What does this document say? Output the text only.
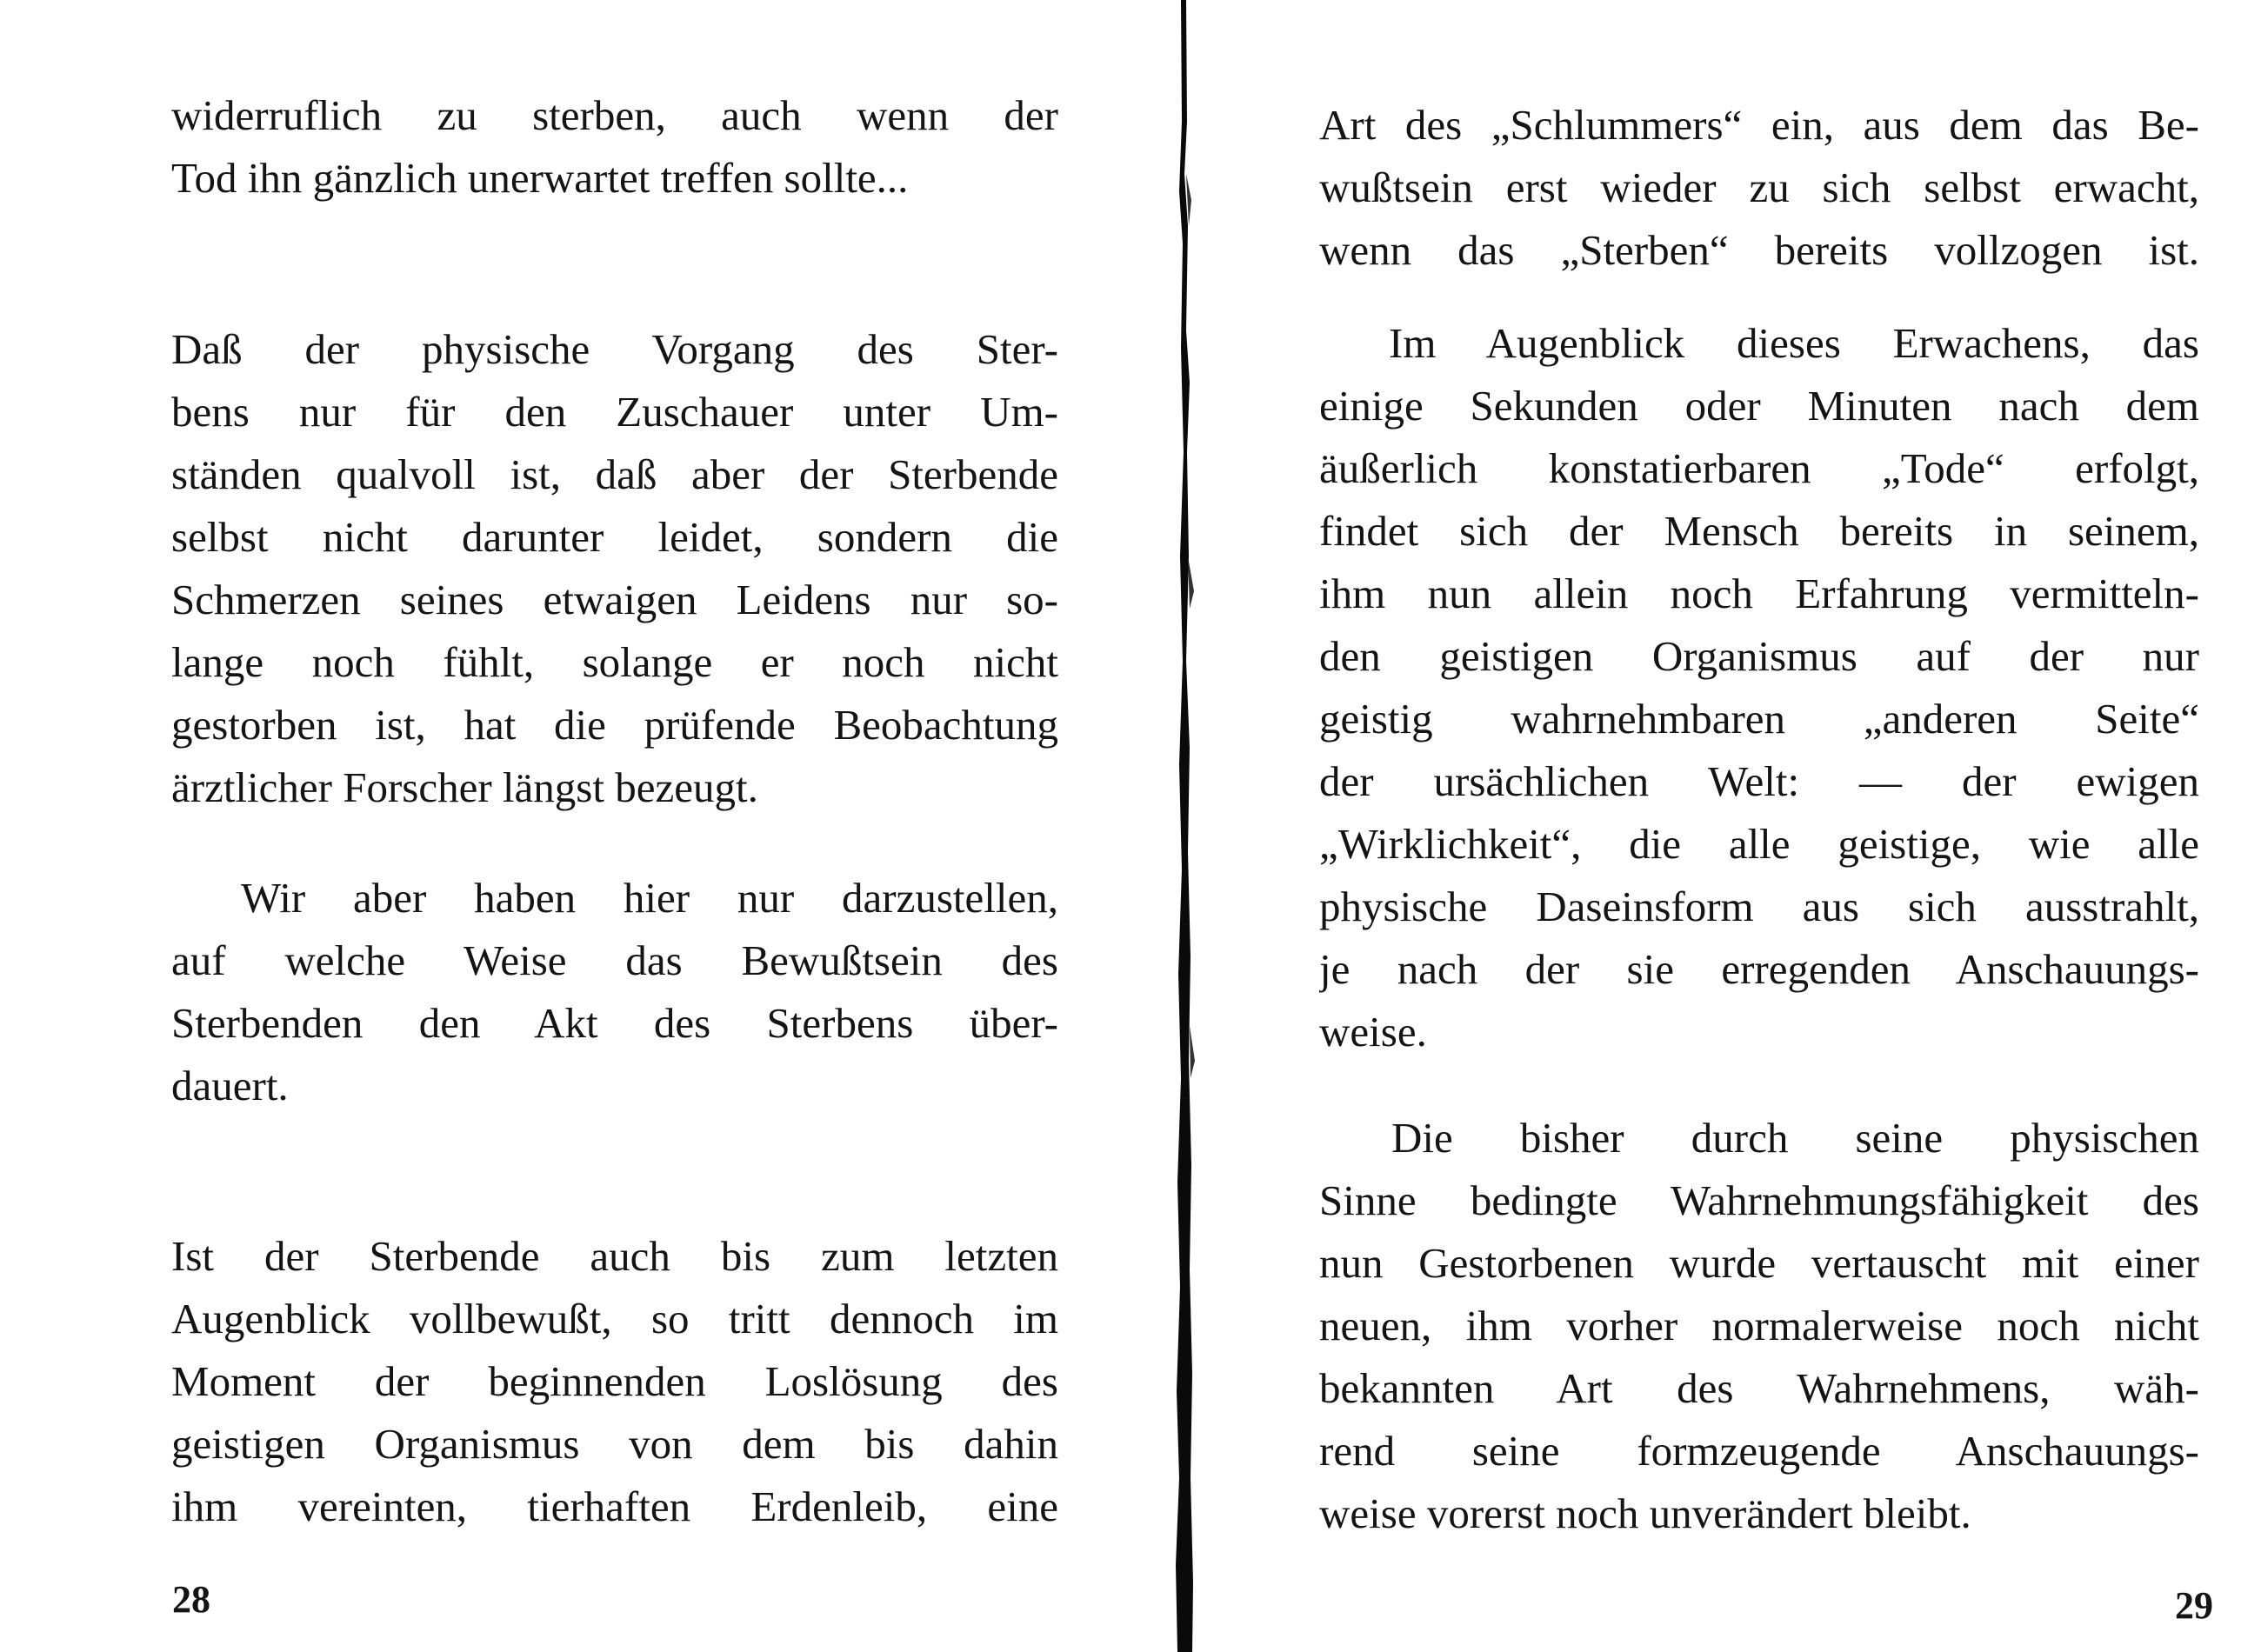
widerruflich zu sterben, auch wenn der
Tod ihn gänzlich unerwartet treffen sollte...
Daß der physische Vorgang des Ster-
bens nur für den Zuschauer unter Um-
ständen qualvoll ist, daß aber der Sterbende
selbst nicht darunter leidet, sondern die
Schmerzen seines etwaigen Leidens nur so-
lange noch fühlt, solange er noch nicht
gestorben ist, hat die prüfende Beobachtung
ärztlicher Forscher längst bezeugt.
Wir aber haben hier nur darzustellen,
auf welche Weise das Bewußtsein des
Sterbenden den Akt des Sterbens über-
dauert.
Ist der Sterbende auch bis zum letzten
Augenblick vollbewußt, so tritt dennoch im
Moment der beginnenden Loslösung des
geistigen Organismus von dem bis dahin
ihm vereinten, tierhaften Erdenleib, eine
28
Art des „Schlummers“ ein, aus dem das Be-
wußtsein erst wieder zu sich selbst erwacht,
wenn das „Sterben“ bereits vollzogen ist.
Im Augenblick dieses Erwachens, das
einige Sekunden oder Minuten nach dem
äußerlich konstatierbaren „Tode“ erfolgt,
findet sich der Mensch bereits in seinem,
ihm nun allein noch Erfahrung vermitteln-
den geistigen Organismus auf der nur
geistig wahrnehmbaren „anderen Seite“
der ursächlichen Welt: — der ewigen
„Wirklichkeit“, die alle geistige, wie alle
physische Daseinsform aus sich ausstrahlt,
je nach der sie erregenden Anschauungs-
weise.
Die bisher durch seine physischen
Sinne bedingte Wahrnehmungsfähigkeit des
nun Gestorbenen wurde vertauscht mit einer
neuen, ihm vorher normalerweise noch nicht
bekannten Art des Wahrnehmens, wäh-
rend seine formzeugende Anschauungs-
weise vorerst noch unverändert bleibt.
29
